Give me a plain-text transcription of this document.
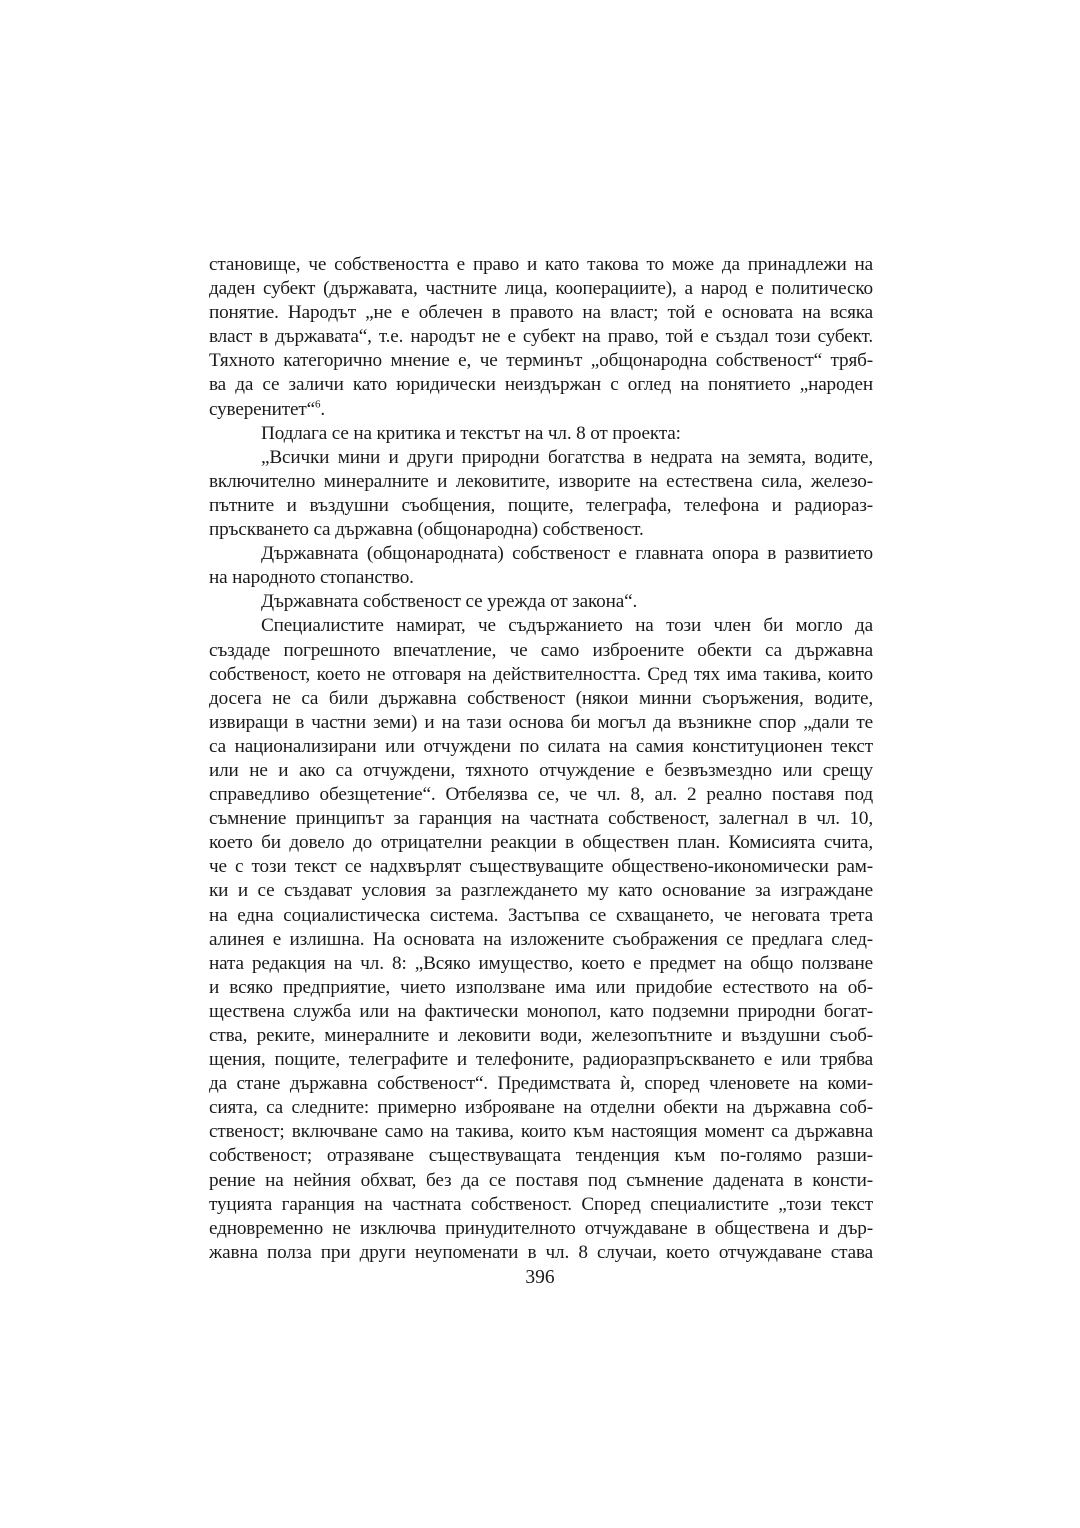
становище, че собствеността е право и като такова то може да принадлежи на
даден субект (държавата, частните лица, кооперациите), а народ е политическо
понятие. Народът „не е облечен в правото на власт; той е основата на всяка
власт в държавата“, т.е. народът не е субект на право, той е създал този субект.
Тяхното категорично мнение е, че терминът „общонародна собственост“ тряб-
ва да се заличи като юридически неиздържан с оглед на понятието „народен
суверенитет“$^6$.
Подлага се на критика и текстът на чл. 8 от проекта:
„Всички мини и други природни богатства в недрата на земята, водите,
включително минералните и лековитите, изворите на естествена сила, железо-
пътните и въздушни съобщения, пощите, телеграфа, телефона и радиораз-
пръскването са държавна (общонародна) собственост.
Държавната (общонародната) собственост е главната опора в развитието
на народното стопанство.
Държавната собственост се урежда от закона“.
Специалистите намират, че съдържанието на този член би могло да
създаде погрешното впечатление, че само изброените обекти са държавна
собственост, което не отговаря на действителността. Сред тях има такива, които
досега не са били държавна собственост (някои минни съоръжения, водите,
извиращи в частни земи) и на тази основа би могъл да възникне спор „дали те
са национализирани или отчуждени по силата на самия конституционен текст
или не и ако са отчуждени, тяхното отчуждение е безвъзмездно или срещу
справедливо обезщетение“. Отбелязва се, че чл. 8, ал. 2 реално поставя под
съмнение принципът за гаранция на частната собственост, залегнал в чл. 10,
което би довело до отрицателни реакции в обществен план. Комисията счита,
че с този текст се надхвърлят съществуващите обществено-икономически рам-
ки и се създават условия за разглеждането му като основание за изграждане
на една социалистическа система. Застъпва се схващането, че неговата трета
алинея е излишна. На основата на изложените съображения се предлага след-
ната редакция на чл. 8: „Всяко имущество, което е предмет на общо ползване
и всяко предприятие, чието използване има или придобие естеството на об-
ществена служба или на фактически монопол, като подземни природни богат-
ства, реките, минералните и лековити води, железопътните и въздушни съоб-
щения, пощите, телеграфите и телефоните, радиоразпръскването е или трябва
да стане държавна собственост“. Предимствата ѝ, според членовете на коми-
сията, са следните: примерно изброяване на отделни обекти на държавна соб-
ственост; включване само на такива, които към настоящия момент са държавна
собственост; отразяване съществуващата тенденция към по-голямо разши-
рение на нейния обхват, без да се поставя под съмнение дадената в консти-
туцията гаранция на частната собственост. Според специалистите „този текст
едновременно не изключва принудителното отчуждаване в обществена и дър-
жавна полза при други неупоменати в чл. 8 случаи, което отчуждаване става
396
